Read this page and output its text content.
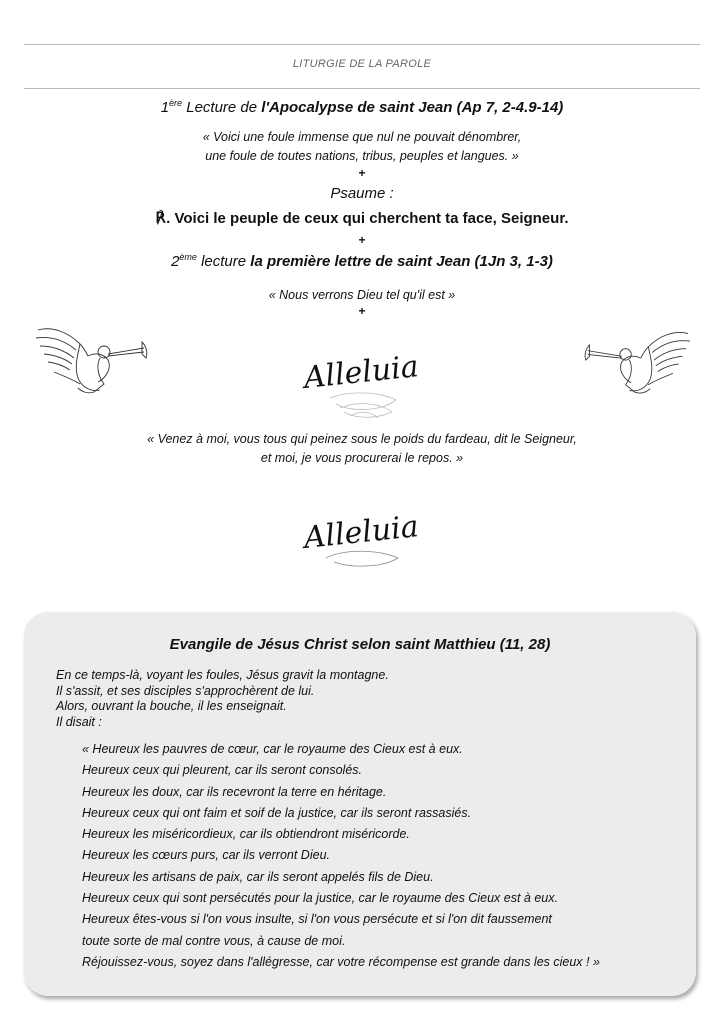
LITURGIE DE LA PAROLE
1ère Lecture de l'Apocalypse de saint Jean (Ap 7, 2-4.9-14)
« Voici une foule immense que nul ne pouvait dénombrer,
une foule de toutes nations, tribus, peuples et langues. »
+
Psaume :
℟. Voici le peuple de ceux qui cherchent ta face, Seigneur.
+
2ème lecture la première lettre de saint Jean (1Jn 3, 1-3)
« Nous verrons Dieu tel qu'il est »
+
Alleluia
« Venez à moi, vous tous qui peinez sous le poids du fardeau, dit le Seigneur,
et moi, je vous procurerai le repos. »
Alleluia
Evangile de Jésus Christ selon saint Matthieu (11, 28)
En ce temps-là, voyant les foules, Jésus gravit la montagne.
Il s'assit, et ses disciples s'approchèrent de lui.
Alors, ouvrant la bouche, il les enseignait.
Il disait :
« Heureux les pauvres de cœur, car le royaume des Cieux est à eux.
Heureux ceux qui pleurent, car ils seront consolés.
Heureux les doux, car ils recevront la terre en héritage.
Heureux ceux qui ont faim et soif de la justice, car ils seront rassasiés.
Heureux les miséricordieux, car ils obtiendront miséricorde.
Heureux les cœurs purs, car ils verront Dieu.
Heureux les artisans de paix, car ils seront appelés fils de Dieu.
Heureux ceux qui sont persécutés pour la justice, car le royaume des Cieux est à eux.
Heureux êtes-vous si l'on vous insulte, si l'on vous persécute et si l'on dit faussement
toute sorte de mal contre vous, à cause de moi.
Réjouissez-vous, soyez dans l'allégresse, car votre récompense est grande dans les cieux ! »
